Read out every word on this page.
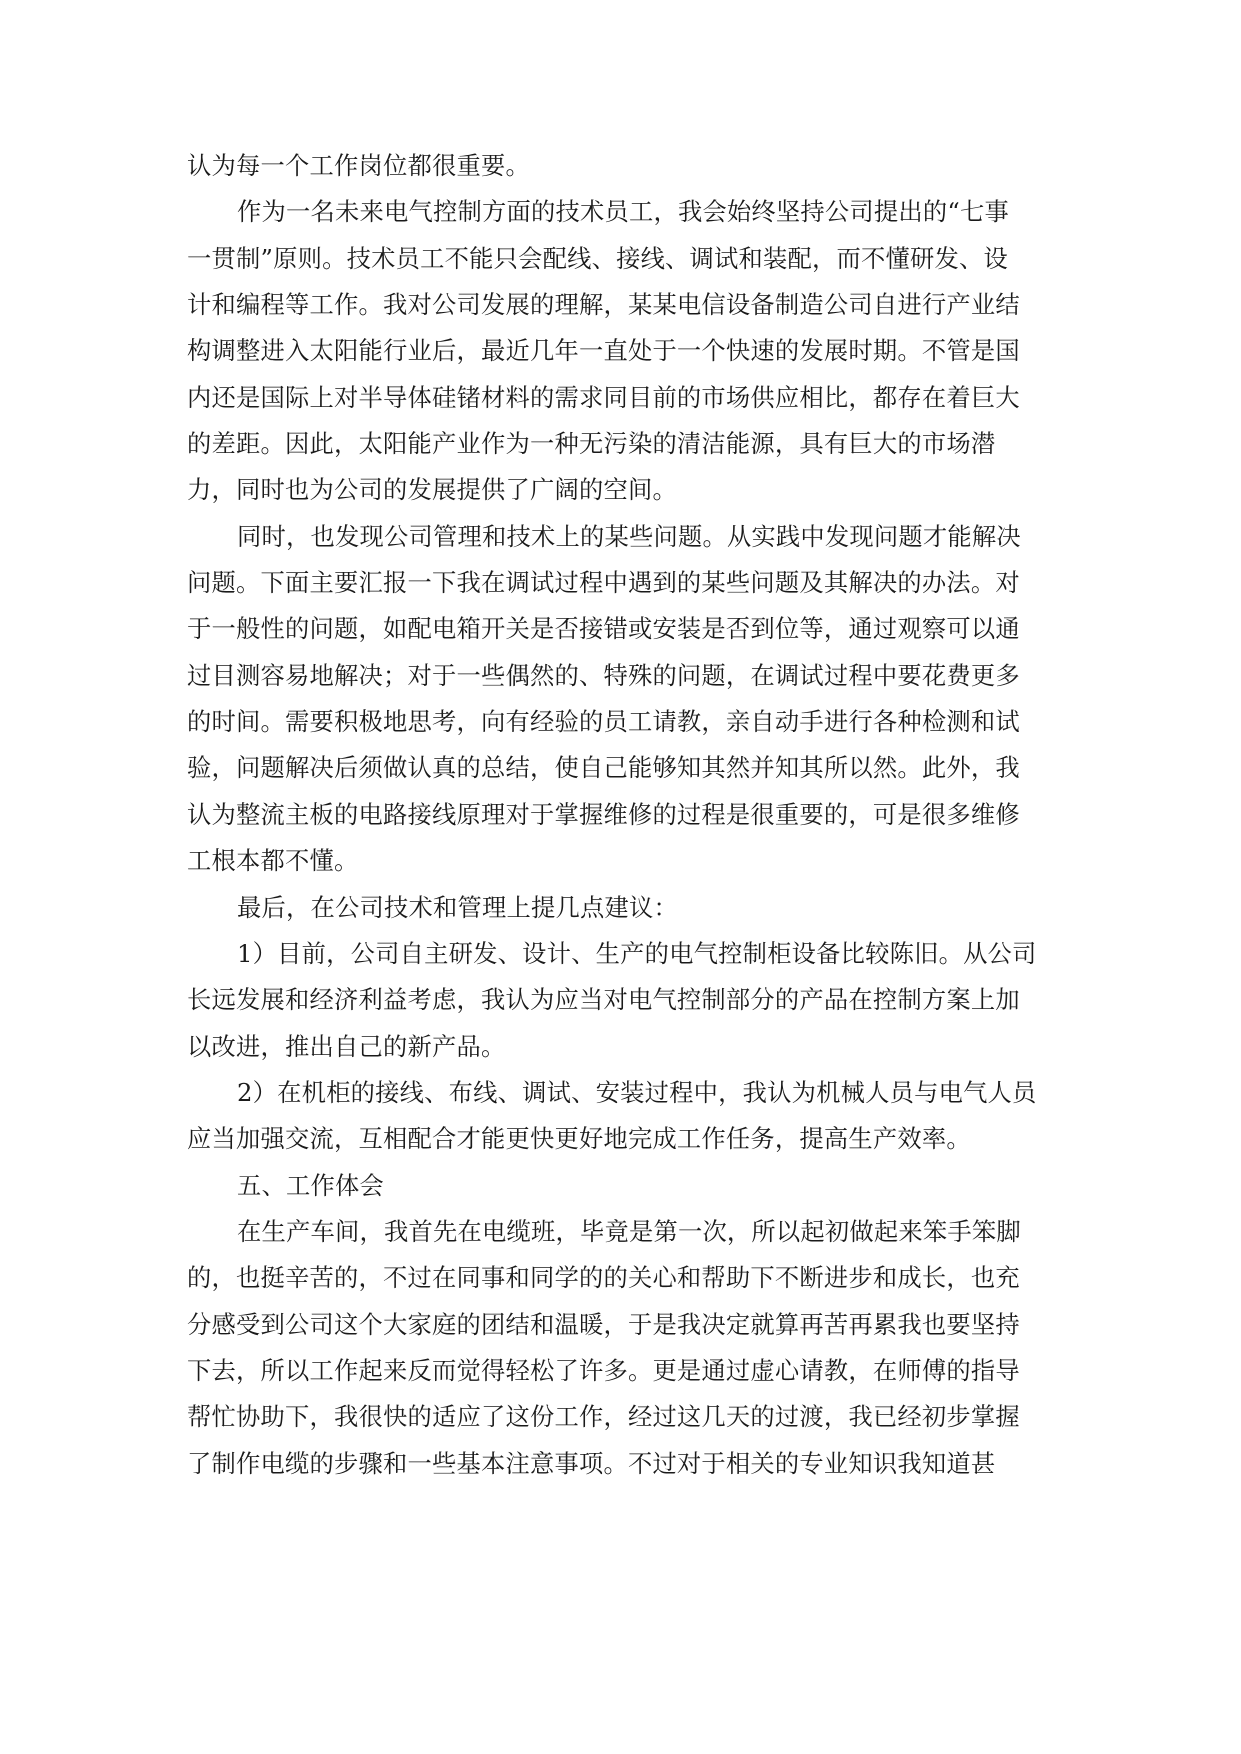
认为每一个工作岗位都很重要。
作为一名未来电气控制方面的技术员工，我会始终坚持公司提出的“七事
一贯制”原则。技术员工不能只会配线、接线、调试和装配，而不懂研发、设
计和编程等工作。我对公司发展的理解，某某电信设备制造公司自进行产业结
构调整进入太阳能行业后，最近几年一直处于一个快速的发展时期。不管是国
内还是国际上对半导体硅锗材料的需求同目前的市场供应相比，都存在着巨大
的差距。因此，太阳能产业作为一种无污染的清洁能源，具有巨大的市场潜
力，同时也为公司的发展提供了广阔的空间。
同时，也发现公司管理和技术上的某些问题。从实践中发现问题才能解决
问题。下面主要汇报一下我在调试过程中遇到的某些问题及其解决的办法。对
于一般性的问题，如配电箱开关是否接错或安装是否到位等，通过观察可以通
过目测容易地解决；对于一些偶然的、特殊的问题，在调试过程中要花费更多
的时间。需要积极地思考，向有经验的员工请教，亲自动手进行各种检测和试
验，问题解决后须做认真的总结，使自己能够知其然并知其所以然。此外，我
认为整流主板的电路接线原理对于掌握维修的过程是很重要的，可是很多维修
工根本都不懂。
最后，在公司技术和管理上提几点建议：
1）目前，公司自主研发、设计、生产的电气控制柜设备比较陈旧。从公司
长远发展和经济利益考虑，我认为应当对电气控制部分的产品在控制方案上加
以改进，推出自己的新产品。
2）在机柜的接线、布线、调试、安装过程中，我认为机械人员与电气人员
应当加强交流，互相配合才能更快更好地完成工作任务，提高生产效率。
五、工作体会
在生产车间，我首先在电缆班，毕竟是第一次，所以起初做起来笨手笨脚
的，也挺辛苦的，不过在同事和同学的的关心和帮助下不断进步和成长，也充
分感受到公司这个大家庭的团结和温暖，于是我决定就算再苦再累我也要坚持
下去，所以工作起来反而觉得轻松了许多。更是通过虚心请教，在师傅的指导
帮忙协助下，我很快的适应了这份工作，经过这几天的过渡，我已经初步掌握
了制作电缆的步骤和一些基本注意事项。不过对于相关的专业知识我知道甚
